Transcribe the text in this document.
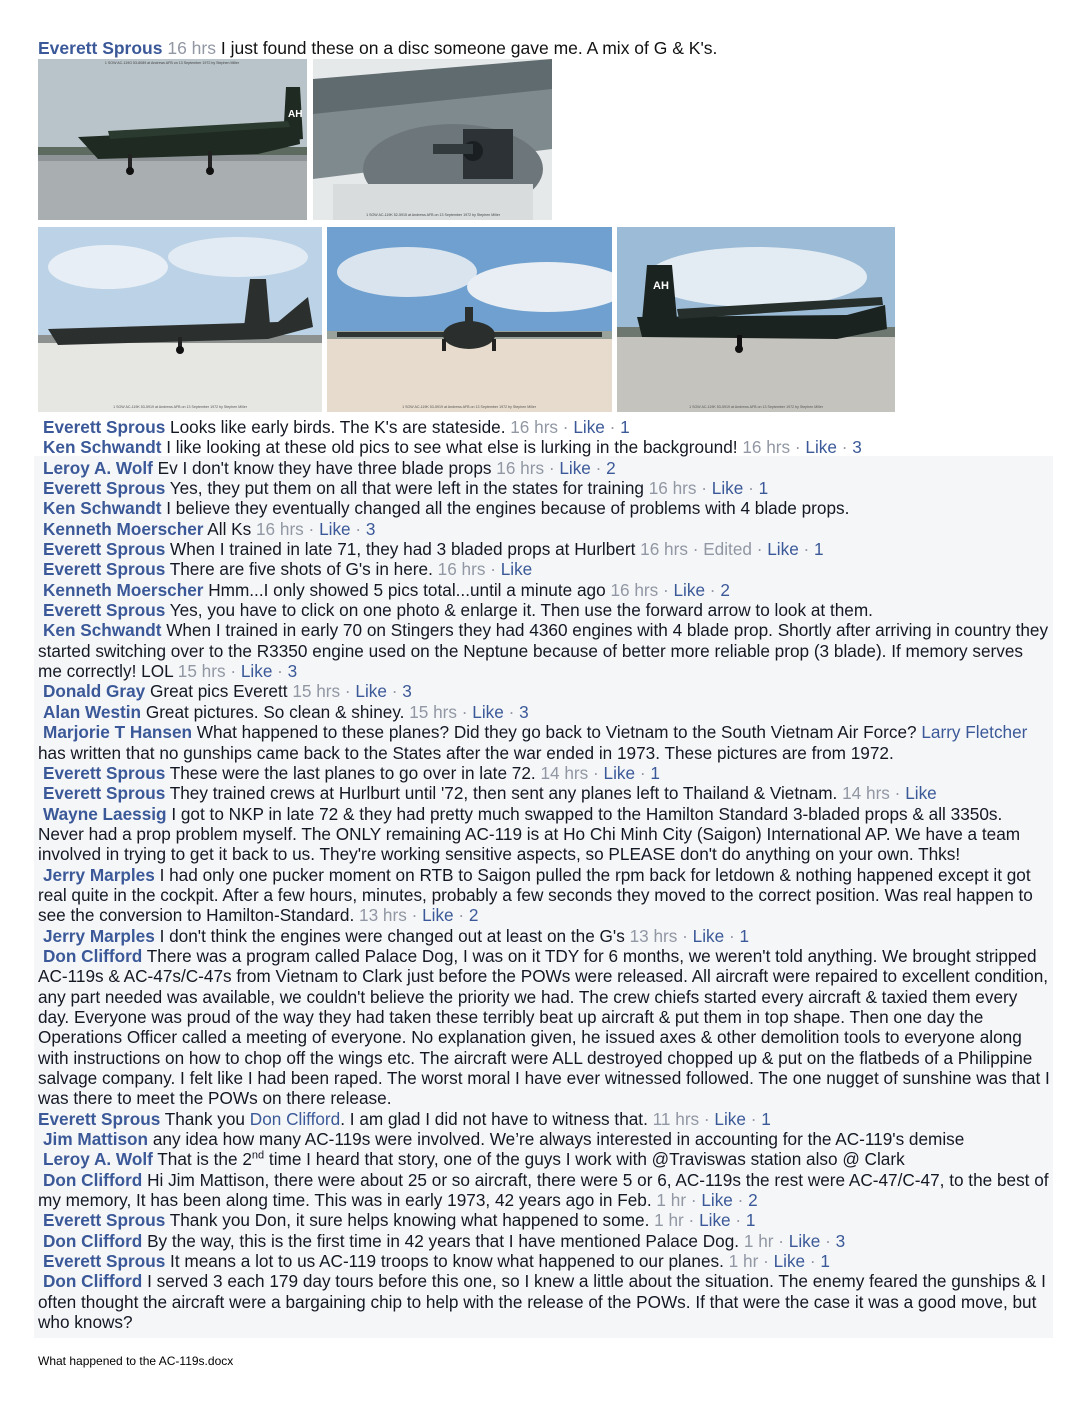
Everett Sprous 16 hrs I just found these on a disc someone gave me. A mix of G & K's.
AH
1 SOW AC-119G 53-8089 at Andrews AFB on 13 September 1972 by Stephen Miller
1 SOW AC-119K 52-5915 at Andrews AFB on 13 September 1972 by Stephen Miller
1 SOW AC-119K 53-5919 at Andrews AFB on 13 September 1972 by Stephen Miller	1 SOW AC-119K 53-5919 at Andrews AFB on 13 September 1972 by Stephen Miller
AH
1 SOW AC-119K 53-5919 at Andrews AFB on 13 September 1972 by Stephen Miller
Everett Sprous Looks like early birds. The K's are stateside. 16 hrs · Like · 1
Ken Schwandt I like looking at these old pics to see what else is lurking in the background! 16 hrs · Like · 3
Leroy A. Wolf Ev I don't know they have three blade props 16 hrs · Like · 2
Everett Sprous Yes, they put them on all that were left in the states for training 16 hrs · Like · 1
Ken Schwandt I believe they eventually changed all the engines because of problems with 4 blade props.
Kenneth Moerscher All Ks 16 hrs · Like · 3
Everett Sprous When I trained in late 71, they had 3 bladed props at Hurlbert 16 hrs · Edited · Like · 1
Everett Sprous There are five shots of G's in here. 16 hrs · Like
Kenneth Moerscher Hmm...I only showed 5 pics total...until a minute ago 16 hrs · Like · 2
Everett Sprous Yes, you have to click on one photo & enlarge it. Then use the forward arrow to look at them.
Ken Schwandt When I trained in early 70 on Stingers they had 4360 engines with 4 blade prop. Shortly after arriving in country they started switching over to the R3350 engine used on the Neptune because of better more reliable prop (3 blade). If memory serves me correctly! LOL 15 hrs · Like · 3
Donald Gray Great pics Everett 15 hrs · Like · 3
Alan Westin Great pictures. So clean & shiney. 15 hrs · Like · 3
Marjorie T Hansen What happened to these planes? Did they go back to Vietnam to the South Vietnam Air Force? Larry Fletcher has written that no gunships came back to the States after the war ended in 1973. These pictures are from 1972.
Everett Sprous These were the last planes to go over in late 72. 14 hrs · Like · 1
Everett Sprous They trained crews at Hurlburt until '72, then sent any planes left to Thailand & Vietnam. 14 hrs · Like
Wayne Laessig I got to NKP in late 72 & they had pretty much swapped to the Hamilton Standard 3-bladed props & all 3350s. Never had a prop problem myself. The ONLY remaining AC-119 is at Ho Chi Minh City (Saigon) International AP. We have a team involved in trying to get it back to us. They're working sensitive aspects, so PLEASE don't do anything on your own. Thks!
Jerry Marples I had only one pucker moment on RTB to Saigon pulled the rpm back for letdown & nothing happened except it got real quite in the cockpit. After a few hours, minutes, probably a few seconds they moved to the correct position. Was real happen to see the conversion to Hamilton-Standard. 13 hrs · Like · 2
Jerry Marples I don't think the engines were changed out at least on the G's 13 hrs · Like · 1
Don Clifford There was a program called Palace Dog, I was on it TDY for 6 months, we weren't told anything. We brought stripped AC-119s & AC-47s/C-47s from Vietnam to Clark just before the POWs were released. All aircraft were repaired to excellent condition, any part needed was available, we couldn't believe the priority we had. The crew chiefs started every aircraft & taxied them every day. Everyone was proud of the way they had taken these terribly beat up aircraft & put them in top shape. Then one day the Operations Officer called a meeting of everyone. No explanation given, he issued axes & other demolition tools to everyone along with instructions on how to chop off the wings etc. The aircraft were ALL destroyed chopped up & put on the flatbeds of a Philippine salvage company. I felt like I had been raped. The worst moral I have ever witnessed followed. The one nugget of sunshine was that I was there to meet the POWs on there release.
Everett Sprous Thank you Don Clifford. I am glad I did not have to witness that. 11 hrs · Like · 1
Jim Mattison any idea how many AC-119s were involved. We’re always interested in accounting for the AC-119's demise
Leroy A. Wolf That is the 2nd time I heard that story, one of the guys I work with @Traviswas station also @ Clark
Don Clifford Hi Jim Mattison, there were about 25 or so aircraft, there were 5 or 6, AC-119s the rest were AC-47/C-47, to the best of my memory, It has been along time. This was in early 1973, 42 years ago in Feb. 1 hr · Like · 2
Everett Sprous Thank you Don, it sure helps knowing what happened to some. 1 hr · Like · 1
Don Clifford By the way, this is the first time in 42 years that I have mentioned Palace Dog. 1 hr · Like · 3
Everett Sprous It means a lot to us AC-119 troops to know what happened to our planes. 1 hr · Like · 1
Don Clifford I served 3 each 179 day tours before this one, so I knew a little about the situation. The enemy feared the gunships & I often thought the aircraft were a bargaining chip to help with the release of the POWs. If that were the case it was a good move, but who knows?
What happened to the AC-119s.docx
